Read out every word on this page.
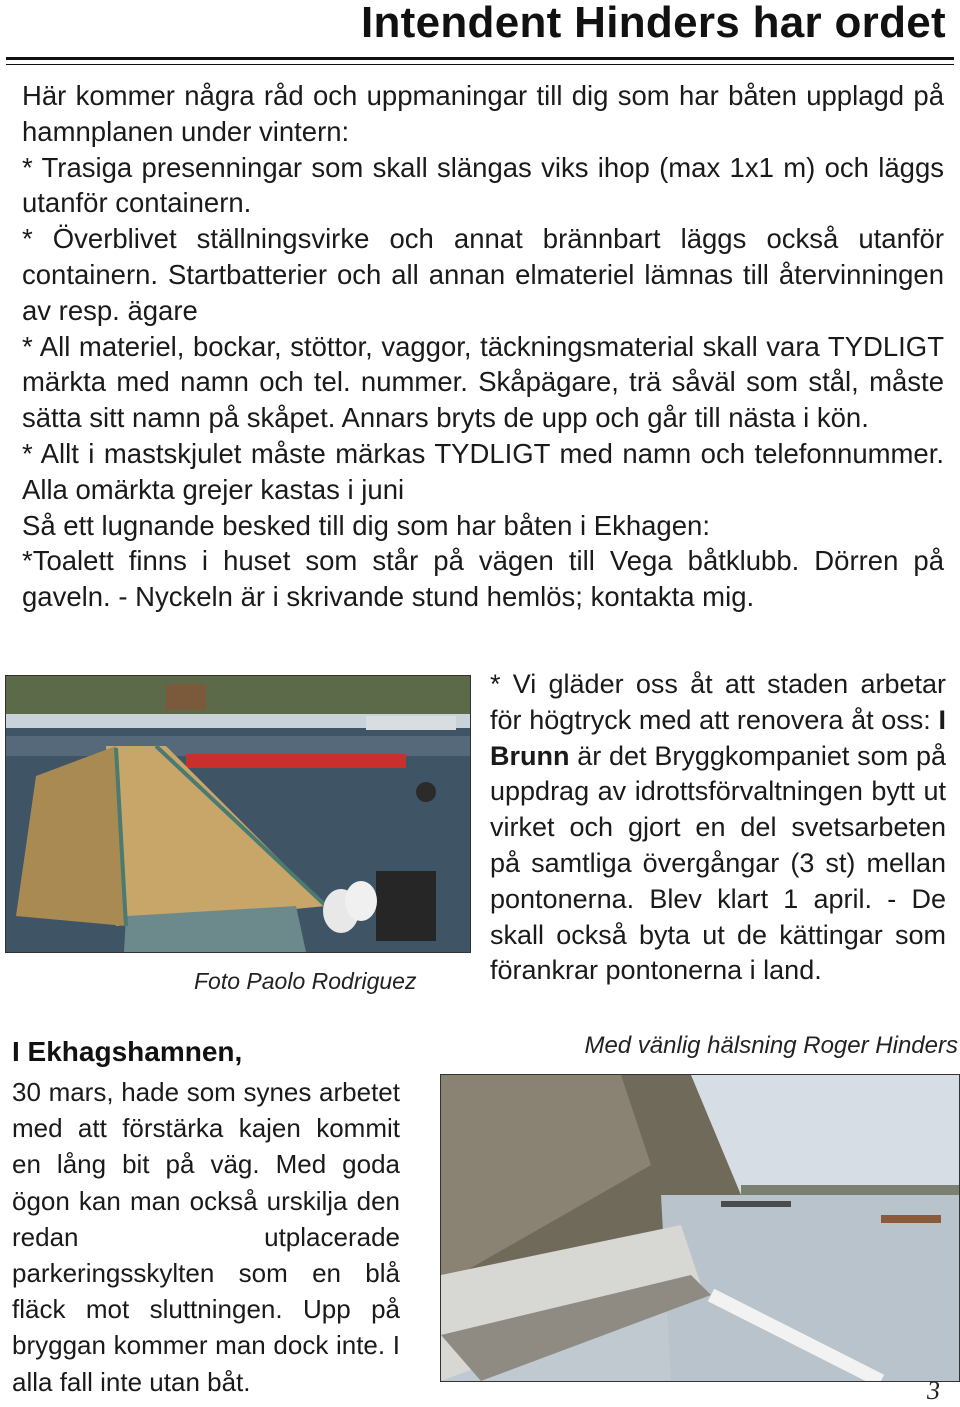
Intendent Hinders har ordet

Här kommer några råd och uppmaningar till dig som har båten upplagd på hamnplanen under vintern:

* Trasiga presenningar som skall slängas viks ihop (max 1x1 m) och läggs utanför containern.

* Överblivet ställningsvirke och annat brännbart läggs också utanför containern. Startbatterier och all annan elmateriel lämnas till återvinningen av resp. ägare

* All materiel, bockar, stöttor, vaggor, täckningsmaterial skall vara TYDLIGT märkta med namn och tel. nummer. Skåpägare, trä såväl som stål, måste sätta sitt namn på skåpet. Annars bryts de upp och går till nästa i kön.

* Allt i mastskjulet måste märkas TYDLIGT med namn och telefonnummer. Alla omärkta grejer kastas i juni

Så ett lugnande besked till dig som har båten i Ekhagen:

*Toalett finns i huset som står på vägen till Vega båtklubb. Dörren på gaveln. - Nyckeln är i skrivande stund hemlös; kontakta mig.

Foto Paolo Rodriguez
I Ekhagshamnen,

30 mars, hade som synes arbetet med att förstärka kajen kommit en lång bit på väg. Med goda ögon kan man också urskilja den redan utplacerade parkeringsskylten som en blå fläck mot sluttningen. Upp på bryggan kommer man dock inte. I alla fall inte utan båt.

* Vi gläder oss åt att staden arbetar för högtryck med att renovera åt oss: I Brunn är det Bryggkompaniet som på uppdrag av idrottsförvaltningen bytt ut virket och gjort en del svetsarbeten på samtliga övergångar (3 st) mellan pontonerna. Blev klart 1 april. - De skall också byta ut de kättingar som förankrar pontonerna i land.

Med vänlig hälsning Roger Hinders
3
